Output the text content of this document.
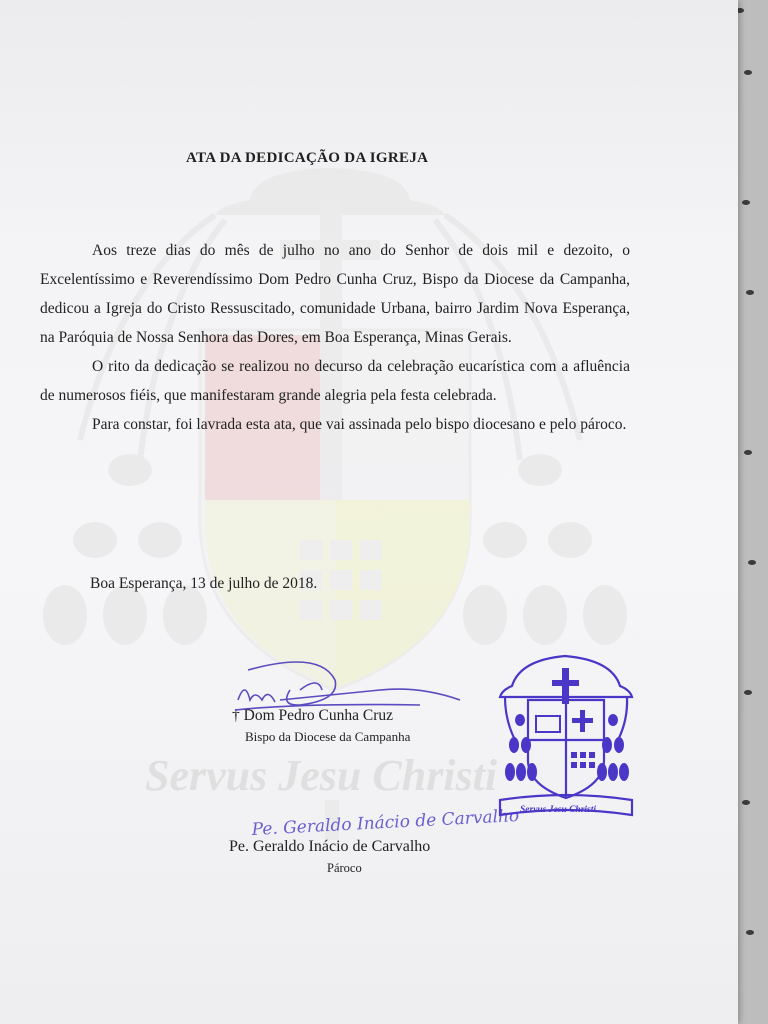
Servus Jesu Christi
ATA DA DEDICAÇÃO DA IGREJA

Aos treze dias do mês de julho no ano do Senhor de dois mil e dezoito, o Excelentíssimo e Reverendíssimo Dom Pedro Cunha Cruz, Bispo da Diocese da Campanha, dedicou a Igreja do Cristo Ressuscitado, comunidade Urbana, bairro Jardim Nova Esperança, na Paróquia de Nossa Senhora das Dores, em Boa Esperança, Minas Gerais.

O rito da dedicação se realizou no decurso da celebração eucarística com a afluência de numerosos fiéis, que manifestaram grande alegria pela festa celebrada.

Para constar, foi lavrada esta ata, que vai assinada pelo bispo diocesano e pelo pároco.

Boa Esperança, 13 de julho de 2018.
† Dom Pedro Cunha Cruz
Bispo da Diocese da Campanha
Pe. Geraldo Inácio de Carvalho
Pároco
Pe. Geraldo Inácio de Carvalho Servus Jesu Christi
